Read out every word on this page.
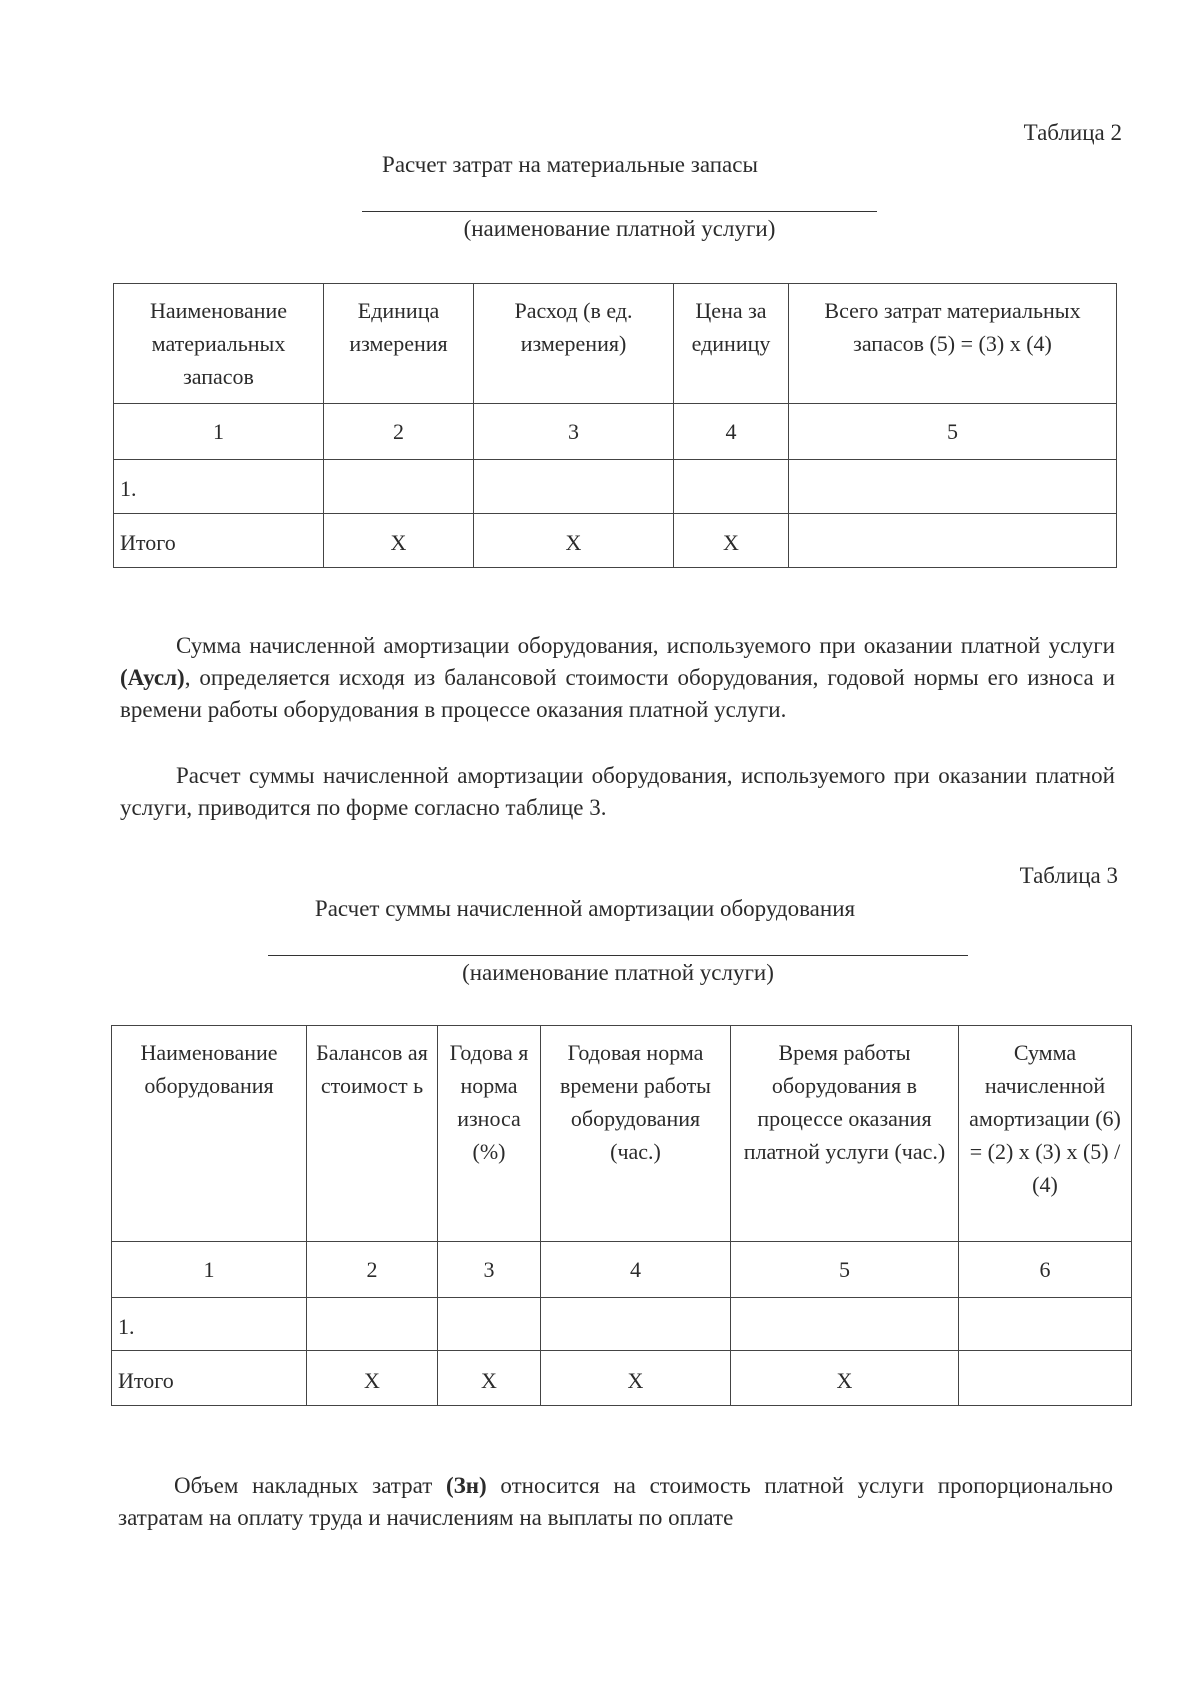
Таблица 2
Расчет затрат на материальные запасы
(наименование платной услуги)
Наименование материальных запасов	Единица измерения	Расход (в ед. измерения)	Цена за единицу	Всего затрат материальных запасов (5) = (3) х (4)
1	2	3	4	5
1.				
Итого	Х	Х	Х	
Сумма начисленной амортизации оборудования, используемого при оказании платной услуги (Аусл), определяется исходя из балансовой стоимости оборудования, годовой нормы его износа и времени работы оборудования в процессе оказания платной услуги.
Расчет суммы начисленной амортизации оборудования, используемого при оказании платной услуги, приводится по форме согласно таблице 3.
Таблица 3
Расчет суммы начисленной амортизации оборудования
(наименование платной услуги)
Наименование оборудования	Балансов ая стоимост ь	Годова я норма износа (%)	Годовая норма времени работы оборудования (час.)	Время работы оборудования в процессе оказания платной услуги (час.)	Сумма начисленной амортизации (6) = (2) х (3) х (5) / (4)
1	2	3	4	5	6
1.					
Итого	Х	Х	Х	Х	
Объем накладных затрат (Зн) относится на стоимость платной услуги пропорционально затратам на оплату труда и начислениям на выплаты по оплате
